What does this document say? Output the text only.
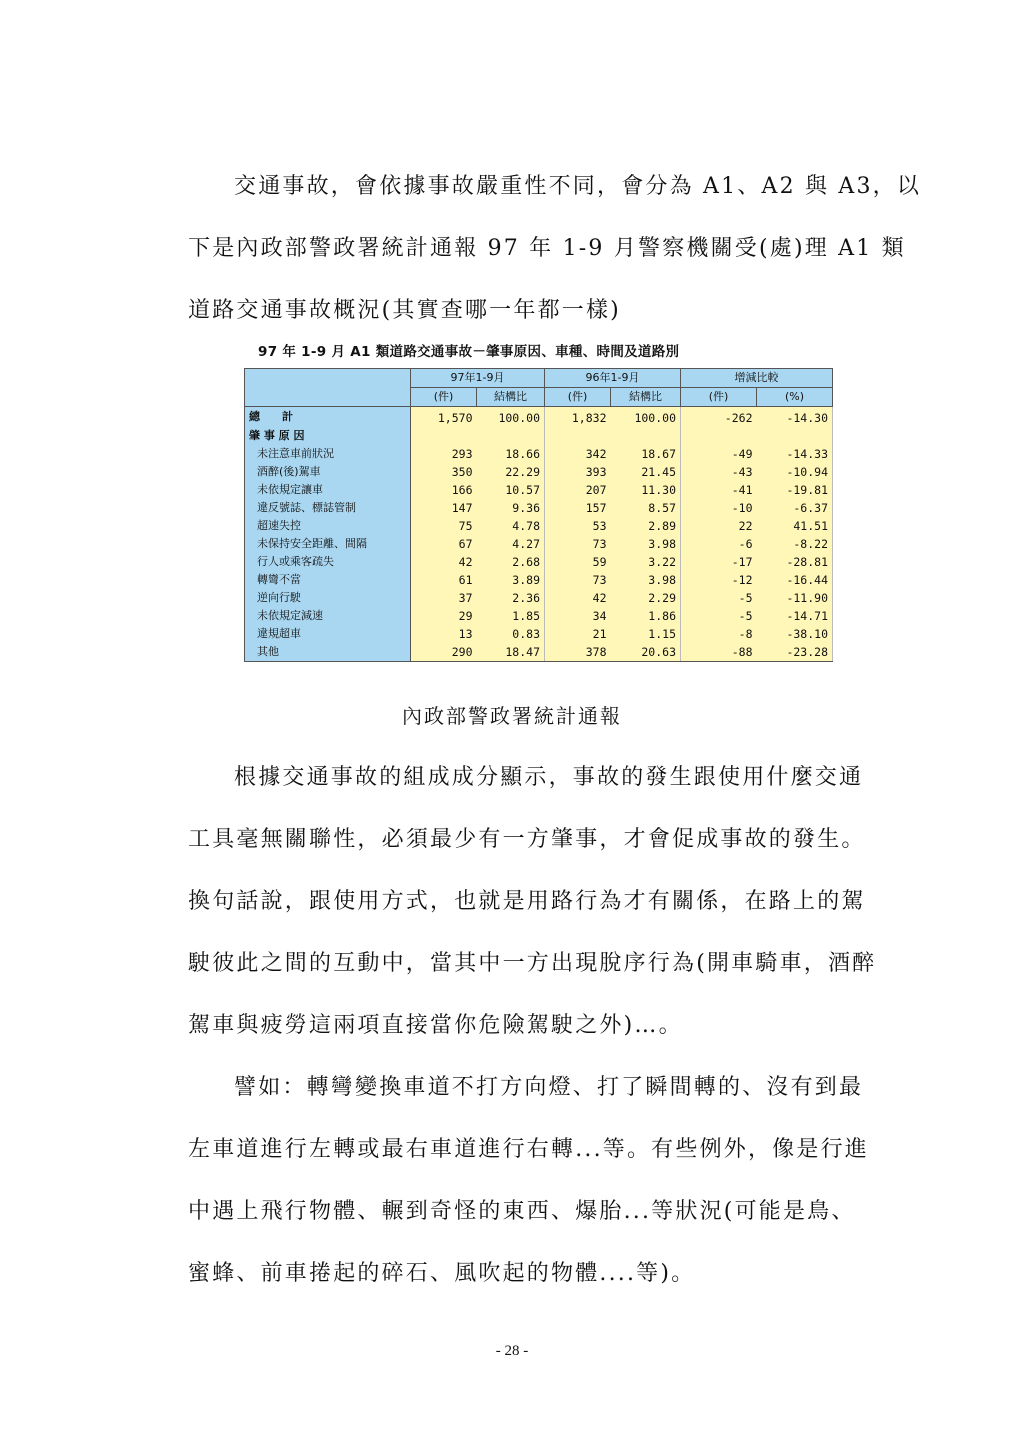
交通事故，會依據事故嚴重性不同，會分為 A1、A2 與 A3，以
下是內政部警政署統計通報 97 年 1-9 月警察機關受(處)理 A1 類
道路交通事故概況(其實查哪一年都一樣)

97 年 1-9 月 A1 類道路交通事故－肇事原因、車種、時間及道路別

	97年1-9月		96年1-9月		增減比較	
	(件)	結構比	(件)	結構比	(件)	(%)
總　　計	1,570	100.00	1,832	100.00	-262	-14.30
肇 事 原 因						
未注意車前狀況	293	18.66	342	18.67	-49	-14.33
酒醉(後)駕車	350	22.29	393	21.45	-43	-10.94
未依規定讓車	166	10.57	207	11.30	-41	-19.81
違反號誌、標誌管制	147	9.36	157	8.57	-10	-6.37
超速失控	75	4.78	53	2.89	22	41.51
未保持安全距離、間隔	67	4.27	73	3.98	-6	-8.22
行人或乘客疏失	42	2.68	59	3.22	-17	-28.81
轉彎不當	61	3.89	73	3.98	-12	-16.44
逆向行駛	37	2.36	42	2.29	-5	-11.90
未依規定減速	29	1.85	34	1.86	-5	-14.71
違規超車	13	0.83	21	1.15	-8	-38.10
其他	290	18.47	378	20.63	-88	-23.28

內政部警政署統計通報

根據交通事故的組成成分顯示，事故的發生跟使用什麼交通
工具毫無關聯性，必須最少有一方肇事，才會促成事故的發生。
換句話說，跟使用方式，也就是用路行為才有關係，在路上的駕
駛彼此之間的互動中，當其中一方出現脫序行為(開車騎車，酒醉
駕車與疲勞這兩項直接當你危險駕駛之外)…。
譬如：轉彎變換車道不打方向燈、打了瞬間轉的、沒有到最
左車道進行左轉或最右車道進行右轉...等。有些例外，像是行進
中遇上飛行物體、輾到奇怪的東西、爆胎...等狀況(可能是鳥、
蜜蜂、前車捲起的碎石、風吹起的物體....等)。

- 28 -
